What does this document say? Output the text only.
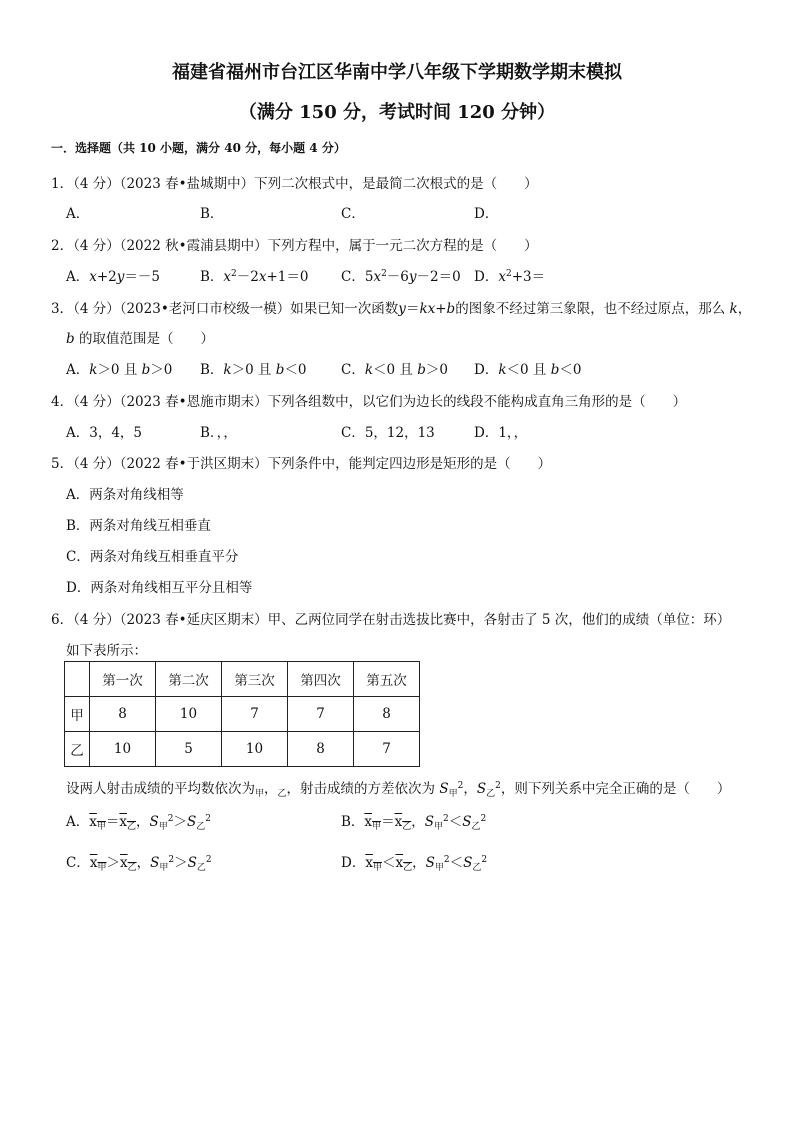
福建省福州市台江区华南中学八年级下学期数学期末模拟
（满分 150 分，考试时间 120 分钟）
一．选择题（共 10 小题，满分 40 分，每小题 4 分）
1．（4 分）（2023 春•盐城期中）下列二次根式中，是最简二次根式的是（　　）
A．	B．	C．	D．
2．（4 分）（2022 秋•霞浦县期中）下列方程中，属于一元二次方程的是（　　）
A．x+2y＝－5	B．$x^2-2x+1=0$ C．$5x^2-6y-2=0$ D．$x^2+3=$
3．（4 分）（2023•老河口市校级一模）如果已知一次函数y＝kx+b的图象不经过第三象限，也不经过原点，那么 k，
b 的取值范围是（　　）
A．k＞0 且 b＞0 B．k＞0 且 b＜0	C．k＜0 且 b＞0 D．k＜0 且 b＜0
4．（4 分）（2023 春•恩施市期末）下列各组数中，以它们为边长的线段不能构成直角三角形的是（　　）
A．3，4，5	B．，，	C．5，12，13	D．1，，
5．（4 分）（2022 春•于洪区期末）下列条件中，能判定四边形是矩形的是（　　）
A．两条对角线相等
B．两条对角线互相垂直
C．两条对角线互相垂直平分
D．两条对角线相互平分且相等
6．（4 分）（2023 春•延庆区期末）甲、乙两位同学在射击选拔比赛中，各射击了 5 次，他们的成绩（单位：环）
如下表所示：
	第一次	第二次	第三次	第四次	第五次
甲	8	10	7	7	8
乙	10	5	10	8	7
设两人射击成绩的平均数依次为$_甲$，$_乙$，射击成绩的方差依次为 $S_甲^2$，$S_乙^2$，则下列关系中完全正确的是（　　）
A．$x_甲=x_乙$，$S_甲^2>S_乙^2$	B．$x_甲=x_乙$，$S_甲^2<S_乙^2$
C．$x_甲>x_乙$，$S_甲^2>S_乙^2$	D．$x_甲<x_乙$，$S_甲^2<S_乙^2$
